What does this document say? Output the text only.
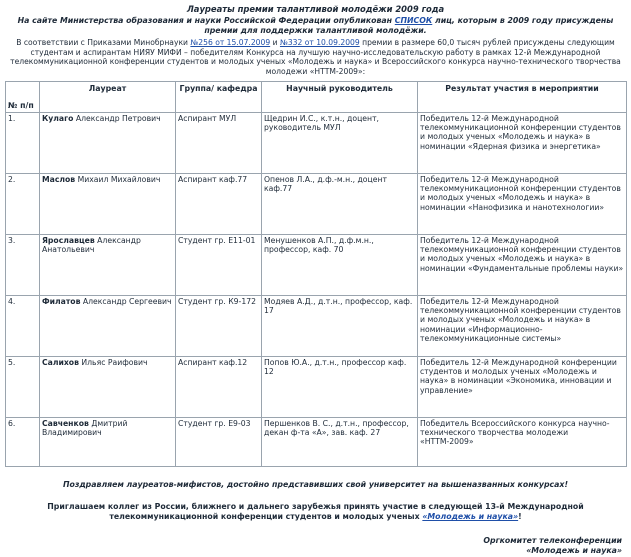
Лауреаты премии талантливой молодёжи 2009 года
На сайте Министерства образования и науки Российской Федерации опубликован СПИСОК лиц, которым в 2009 году присуждены премии для поддержки талантливой молодёжи.
В соответствии с Приказами Минобрнауки №256 от 15.07.2009 и №332 от 10.09.2009 премии в размере 60,0 тысяч рублей присуждены следующим студентам и аспирантам НИЯУ МИФИ – победителям Конкурса на лучшую научно-исследовательскую работу в рамках 12-й Международной телекоммуникационной конференции студентов и молодых ученых «Молодежь и наука» и Всероссийского конкурса научно-технического творчества молодежи «НТТМ-2009»:
№ п/п	Лауреат	Группа/ кафедра	Научный руководитель	Результат участия в мероприятии
1.	Кулаго Александр Петрович	Аспирант МУЛ	Щедрин И.С., к.т.н., доцент, руководитель МУЛ	Победитель 12-й Международной телекоммуникационной конференции студентов и молодых ученых «Молодежь и наука» в номинации «Ядерная физика и энергетика»
2.	Маслов Михаил Михайлович	Аспирант каф.77	Опенов Л.А., д.ф.-м.н., доцент каф.77	Победитель 12-й Международной телекоммуникационной конференции студентов и молодых ученых «Молодежь и наука» в номинации «Нанофизика и нанотехнологии»
3.	Ярославцев Александр Анатольевич	Студент гр. Е11-01	Менушенков А.П., д.ф.м.н., профессор, каф. 70	Победитель 12-й Международной телекоммуникационной конференции студентов и молодых ученых «Молодежь и наука» в номинации «Фундаментальные проблемы науки»
4.	Филатов Александр Сергеевич	Студент гр. К9-172	Модяев А.Д., д.т.н., профессор, каф. 17	Победитель 12-й Международной телекоммуникационной конференции студентов и молодых ученых «Молодежь и наука» в номинации «Информационно-телекоммуникационные системы»
5.	Салихов Ильяс Раифович	Аспирант каф.12	Попов Ю.А., д.т.н., профессор каф. 12	Победитель 12-й Международной конференции студентов и молодых ученых «Молодежь и наука» в номинации «Экономика, инновации и управление»
6.	Савченков Дмитрий Владимирович	Студент гр. Е9-03	Першенков В. С., д.т.н., профессор, декан ф-та «А», зав. каф. 27	Победитель Всероссийского конкурса научно-технического творчества молодежи «НТТМ-2009»
Поздравляем лауреатов-мифистов, достойно представивших свой университет на вышеназванных конкурсах!
Приглашаем коллег из России, ближнего и дальнего зарубежья принять участие в следующей 13-й Международной телекоммуникационной конференции студентов и молодых ученых «Молодежь и наука»!
Оргкомитет телеконференции
«Молодежь и наука»
